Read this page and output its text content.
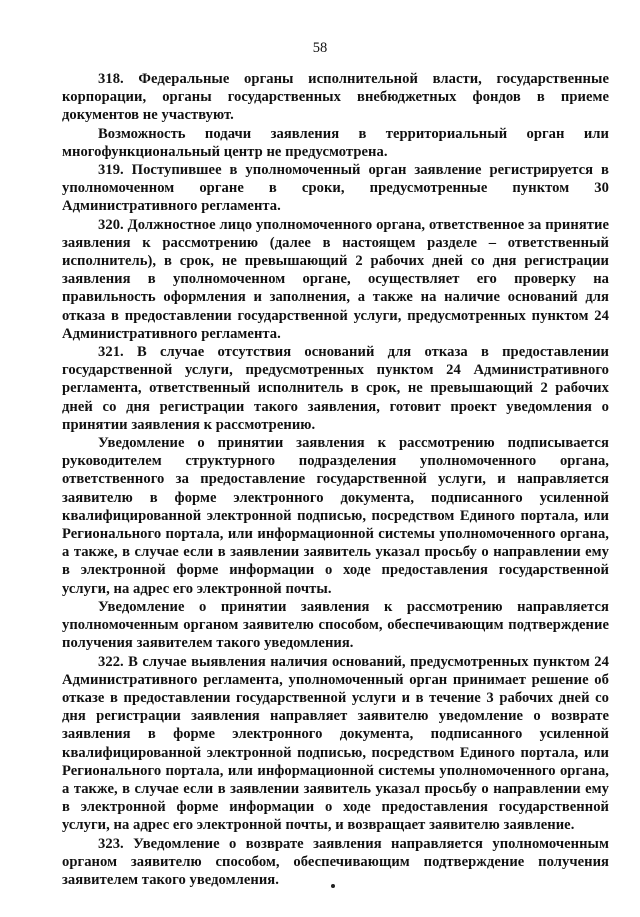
58

318. Федеральные органы исполнительной власти, государственные корпорации, органы государственных внебюджетных фондов в приеме документов не участвуют.

Возможность подачи заявления в территориальный орган или многофункциональный центр не предусмотрена.

319. Поступившее в уполномоченный орган заявление регистрируется в уполномоченном органе в сроки, предусмотренные пунктом 30 Административного регламента.

320. Должностное лицо уполномоченного органа, ответственное за принятие заявления к рассмотрению (далее в настоящем разделе – ответственный исполнитель), в срок, не превышающий 2 рабочих дней со дня регистрации заявления в уполномоченном органе, осуществляет его проверку на правильность оформления и заполнения, а также на наличие оснований для отказа в предоставлении государственной услуги, предусмотренных пунктом 24 Административного регламента.

321. В случае отсутствия оснований для отказа в предоставлении государственной услуги, предусмотренных пунктом 24 Административного регламента, ответственный исполнитель в срок, не превышающий 2 рабочих дней со дня регистрации такого заявления, готовит проект уведомления о принятии заявления к рассмотрению.

Уведомление о принятии заявления к рассмотрению подписывается руководителем структурного подразделения уполномоченного органа, ответственного за предоставление государственной услуги, и направляется заявителю в форме электронного документа, подписанного усиленной квалифицированной электронной подписью, посредством Единого портала, или Регионального портала, или информационной системы уполномоченного органа, а также, в случае если в заявлении заявитель указал просьбу о направлении ему в электронной форме информации о ходе предоставления государственной услуги, на адрес его электронной почты.

Уведомление о принятии заявления к рассмотрению направляется уполномоченным органом заявителю способом, обеспечивающим подтверждение получения заявителем такого уведомления.

322. В случае выявления наличия оснований, предусмотренных пунктом 24 Административного регламента, уполномоченный орган принимает решение об отказе в предоставлении государственной услуги и в течение 3 рабочих дней со дня регистрации заявления направляет заявителю уведомление о возврате заявления в форме электронного документа, подписанного усиленной квалифицированной электронной подписью, посредством Единого портала, или Регионального портала, или информационной системы уполномоченного органа, а также, в случае если в заявлении заявитель указал просьбу о направлении ему в электронной форме информации о ходе предоставления государственной услуги, на адрес его электронной почты, и возвращает заявителю заявление.

323. Уведомление о возврате заявления направляется уполномоченным органом заявителю способом, обеспечивающим подтверждение получения заявителем такого уведомления.
